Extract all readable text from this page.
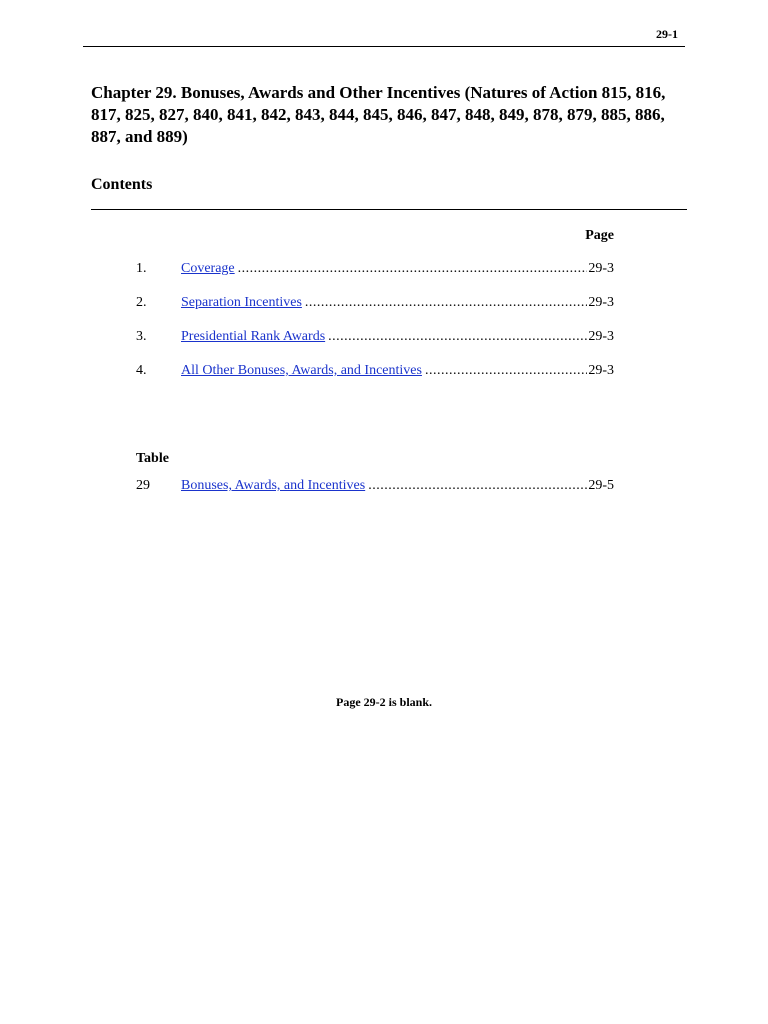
29-1
Chapter 29. Bonuses, Awards and Other Incentives (Natures of Action 815, 816, 817, 825, 827, 840, 841, 842, 843, 844, 845, 846, 847, 848, 849, 878, 879, 885, 886, 887, and 889)
Contents
Page
1.	Coverage .....	29-3
2.	Separation Incentives .....	29-3
3.	Presidential Rank Awards .....	29-3
4.	All Other Bonuses, Awards, and Incentives .....	29-3
Table
29	Bonuses, Awards, and Incentives .....	29-5
Page 29-2 is blank.
